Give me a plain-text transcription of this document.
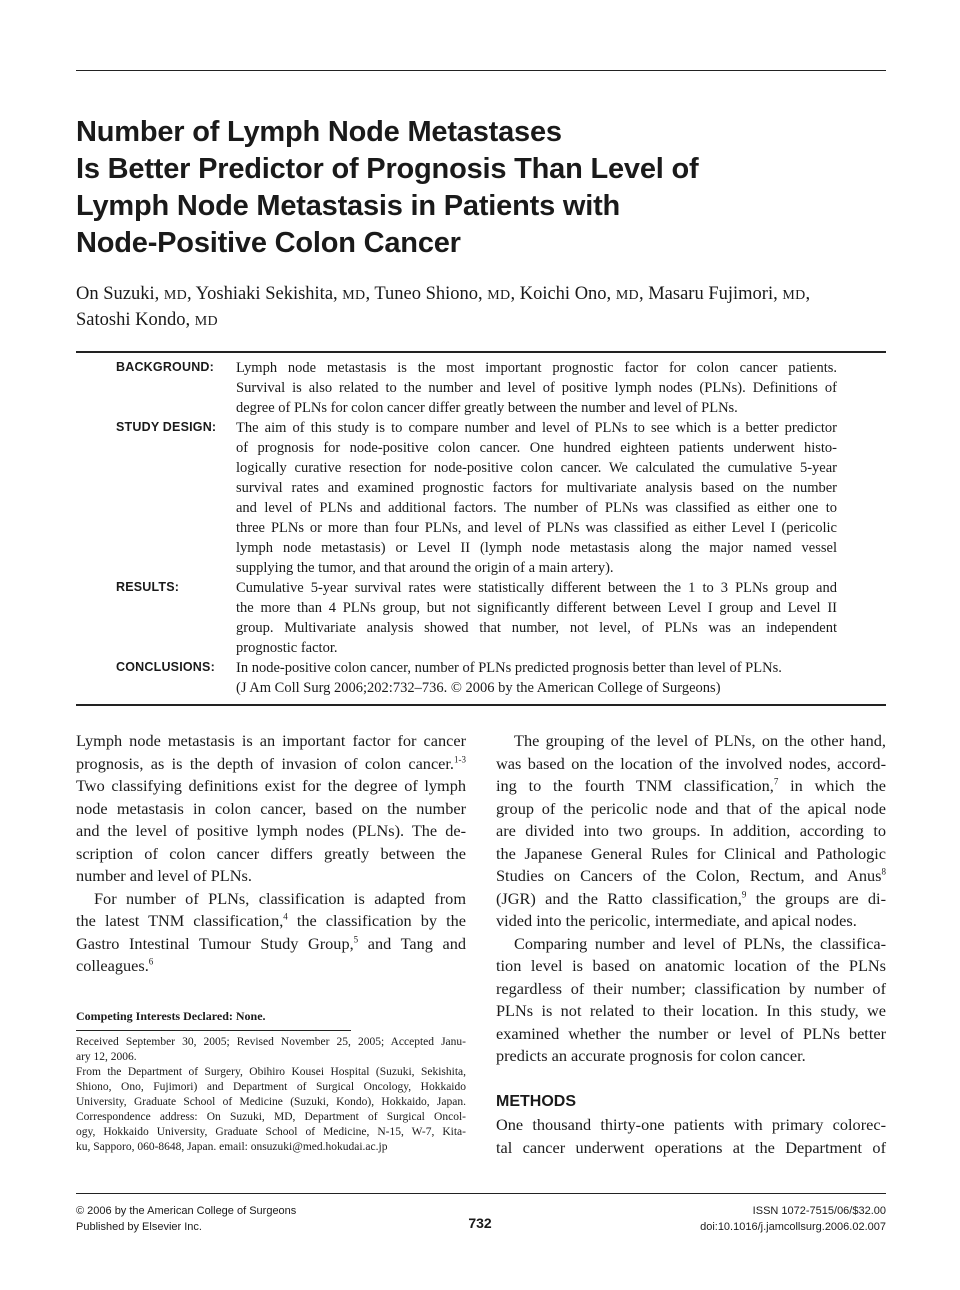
Number of Lymph Node Metastases
Is Better Predictor of Prognosis Than Level of
Lymph Node Metastasis in Patients with
Node-Positive Colon Cancer
On Suzuki, MD, Yoshiaki Sekishita, MD, Tuneo Shiono, MD, Koichi Ono, MD, Masaru Fujimori, MD,
Satoshi Kondo, MD
BACKGROUND: Lymph node metastasis is the most important prognostic factor for colon cancer patients.
Survival is also related to the number and level of positive lymph nodes (PLNs). Definitions of
degree of PLNs for colon cancer differ greatly between the number and level of PLNs.
STUDY DESIGN: The aim of this study is to compare number and level of PLNs to see which is a better predictor
of prognosis for node-positive colon cancer. One hundred eighteen patients underwent histo-
logically curative resection for node-positive colon cancer. We calculated the cumulative 5-year
survival rates and examined prognostic factors for multivariate analysis based on the number
and level of PLNs and additional factors. The number of PLNs was classified as either one to
three PLNs or more than four PLNs, and level of PLNs was classified as either Level I (pericolic
lymph node metastasis) or Level II (lymph node metastasis along the major named vessel
supplying the tumor, and that around the origin of a main artery).
RESULTS:	Cumulative 5-year survival rates were statistically different between the 1 to 3 PLNs group and
the more than 4 PLNs group, but not significantly different between Level I group and Level II
group. Multivariate analysis showed that number, not level, of PLNs was an independent
prognostic factor.
CONCLUSIONS: In node-positive colon cancer, number of PLNs predicted prognosis better than level of PLNs.
(J Am Coll Surg 2006;202:732–736. © 2006 by the American College of Surgeons)
Lymph node metastasis is an important factor for cancer
prognosis, as is the depth of invasion of colon cancer.$^{1-3}$
Two classifying definitions exist for the degree of lymph
node metastasis in colon cancer, based on the number
and the level of positive lymph nodes (PLNs). The de-
scription of colon cancer differs greatly between the
number and level of PLNs.
For number of PLNs, classification is adapted from
the latest TNM classification,$^4$ the classification by the
Gastro Intestinal Tumour Study Group,$^5$ and Tang and
colleagues.$^6$
Competing Interests Declared: None.
Received September 30, 2005; Revised November 25, 2005; Accepted Janu-
ary 12, 2006.
From the Department of Surgery, Obihiro Kousei Hospital (Suzuki, Sekishita,
Shiono, Ono, Fujimori) and Department of Surgical Oncology, Hokkaido
University, Graduate School of Medicine (Suzuki, Kondo), Hokkaido, Japan.
Correspondence address: On Suzuki, MD, Department of Surgical Oncol-
ogy, Hokkaido University, Graduate School of Medicine, N-15, W-7, Kita-
ku, Sapporo, 060-8648, Japan. email: onsuzuki@med.hokudai.ac.jp
The grouping of the level of PLNs, on the other hand,
was based on the location of the involved nodes, accord-
ing to the fourth TNM classification,$^7$ in which the
group of the pericolic node and that of the apical node
are divided into two groups. In addition, according to
the Japanese General Rules for Clinical and Pathologic
Studies on Cancers of the Colon, Rectum, and Anus$^8$
(JGR) and the Ratto classification,$^9$ the groups are di-
vided into the pericolic, intermediate, and apical nodes.
Comparing number and level of PLNs, the classifica-
tion level is based on anatomic location of the PLNs
regardless of their number; classification by number of
PLNs is not related to their location. In this study, we
examined whether the number or level of PLNs better
predicts an accurate prognosis for colon cancer.
METHODS
One thousand thirty-one patients with primary colorec-
tal cancer underwent operations at the Department of
© 2006 by the American College of Surgeons
Published by Elsevier Inc.	732
ISSN 1072-7515/06/$32.00
doi:10.1016/j.jamcollsurg.2006.02.007
